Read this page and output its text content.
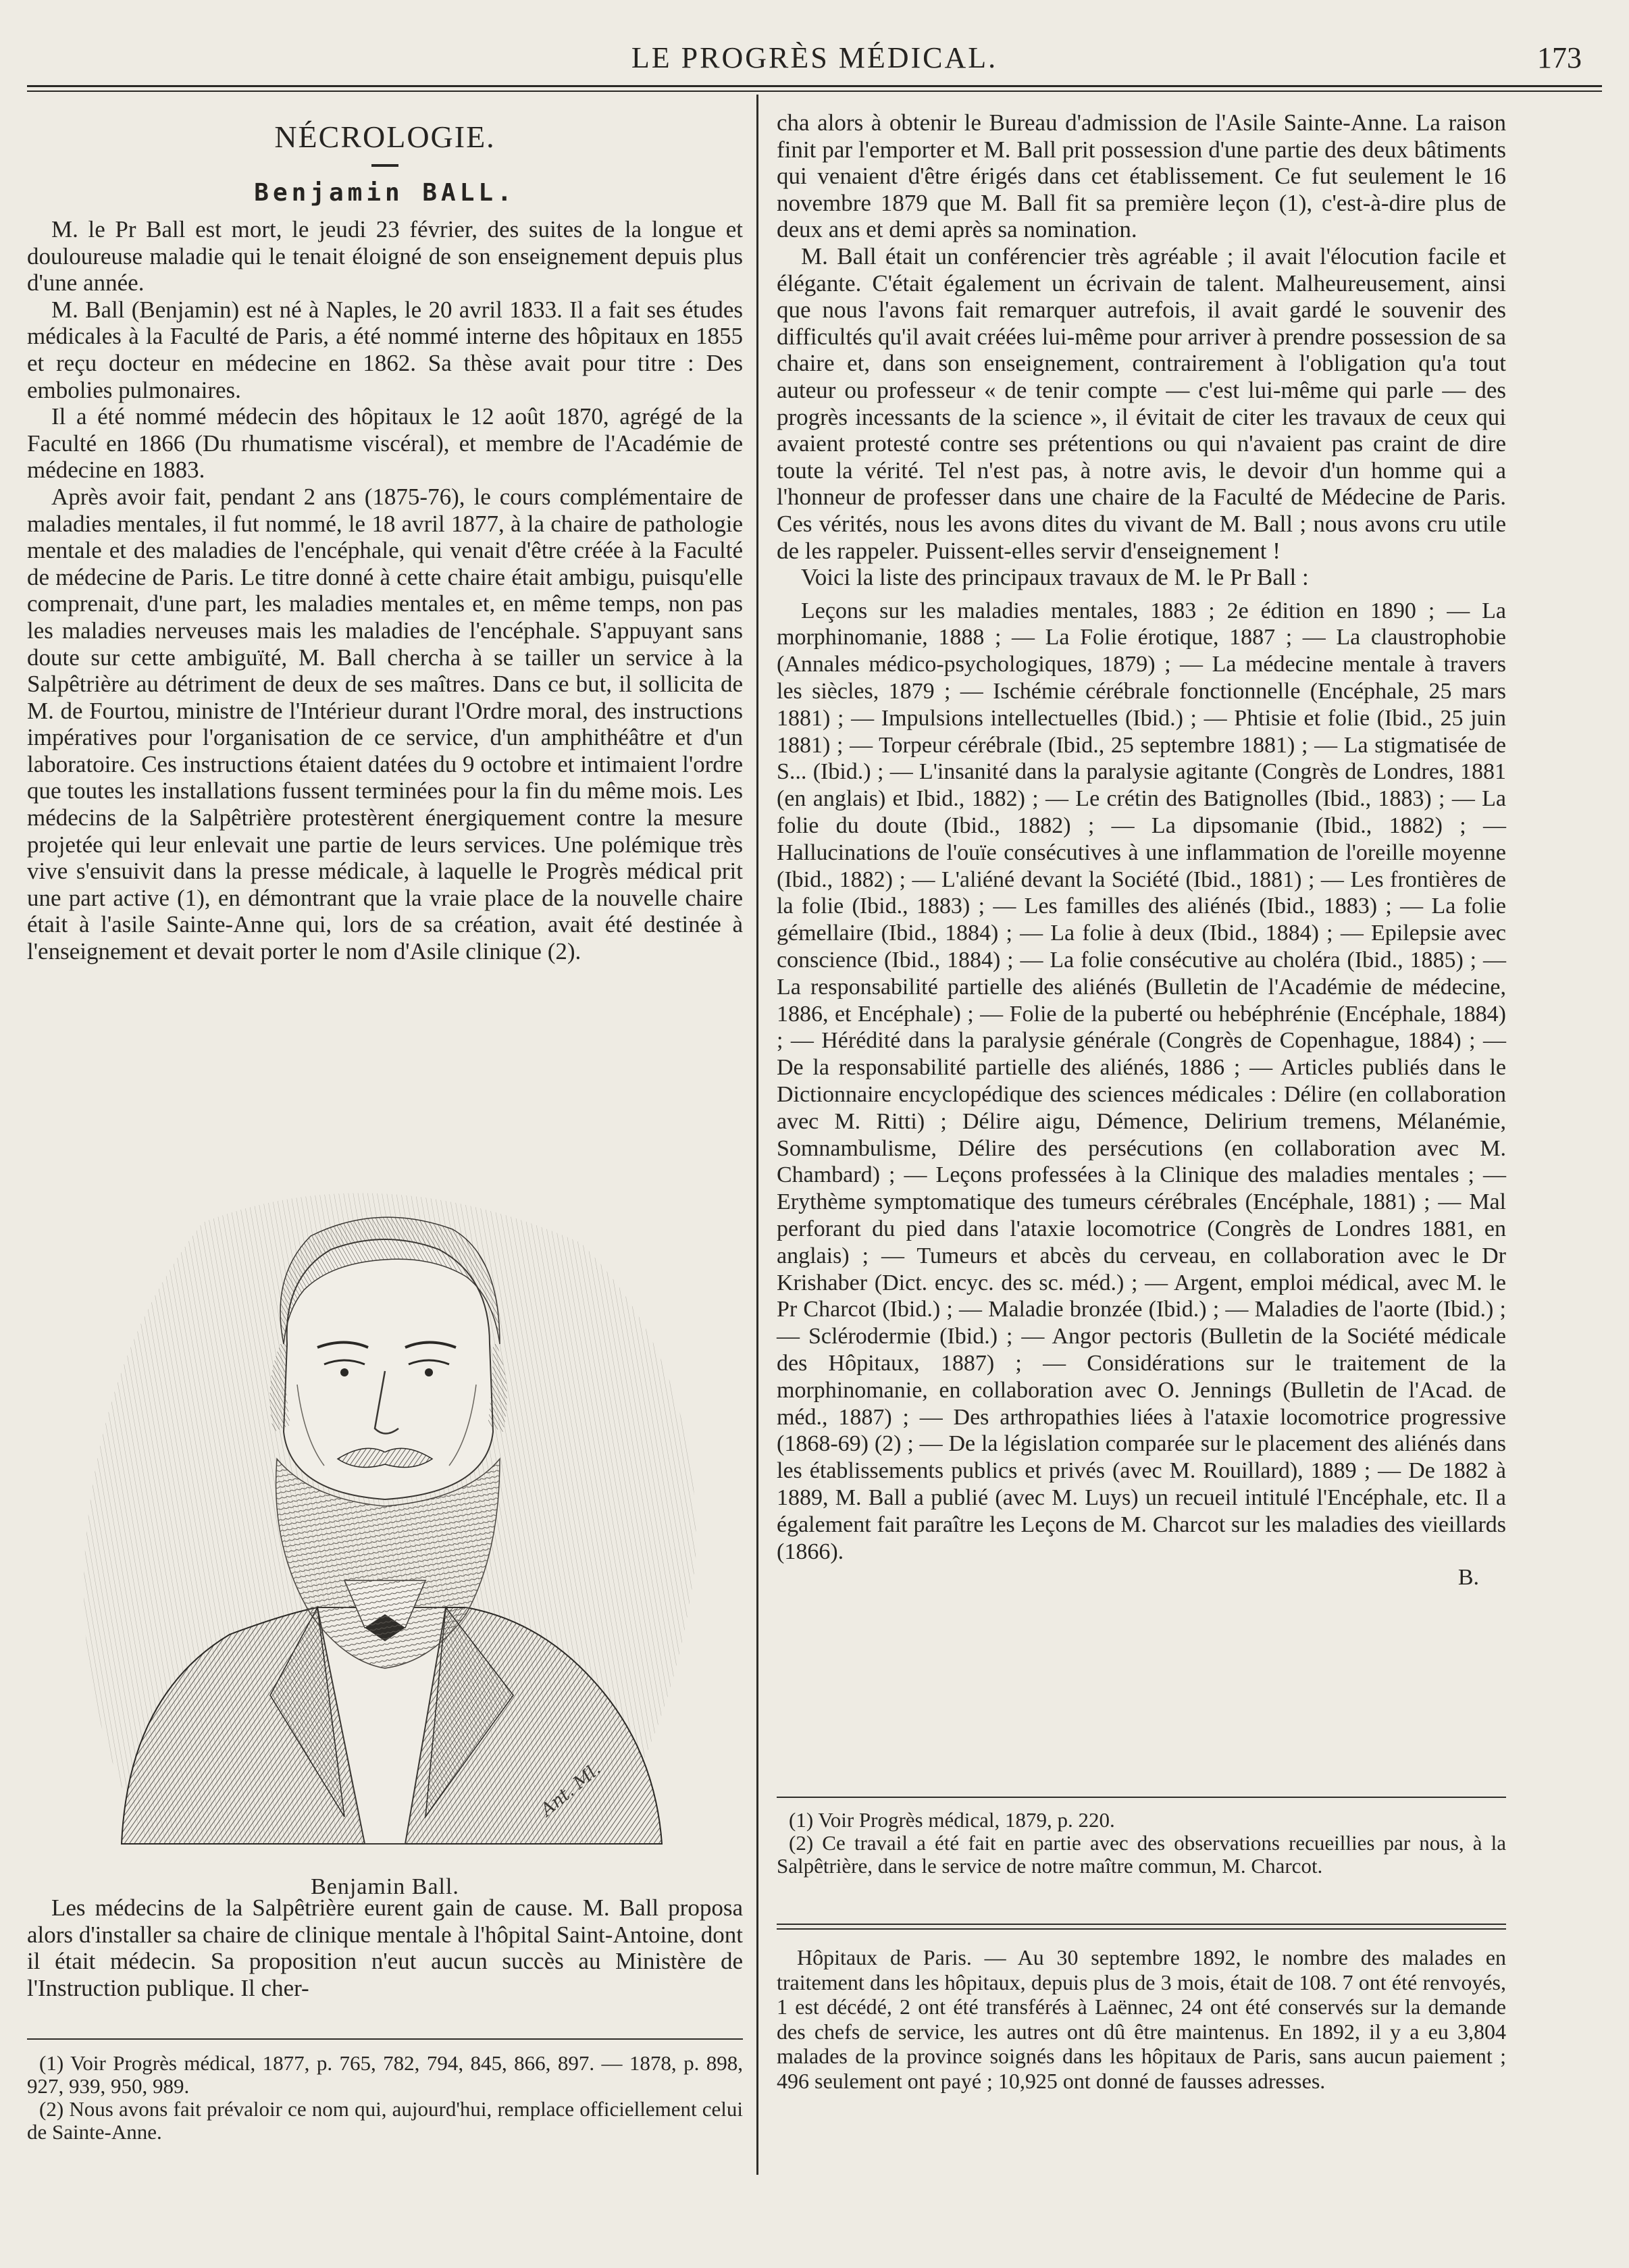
LE PROGRÈS MÉDICAL.	173
NÉCROLOGIE.
Benjamin BALL.

M. le Pr Ball est mort, le jeudi 23 février, des suites de la longue et douloureuse maladie qui le tenait éloigné de son enseignement depuis plus d'une année.

M. Ball (Benjamin) est né à Naples, le 20 avril 1833. Il a fait ses études médicales à la Faculté de Paris, a été nommé interne des hôpitaux en 1855 et reçu docteur en médecine en 1862. Sa thèse avait pour titre : Des embolies pulmonaires.

Il a été nommé médecin des hôpitaux le 12 août 1870, agrégé de la Faculté en 1866 (Du rhumatisme viscéral), et membre de l'Académie de médecine en 1883.

Après avoir fait, pendant 2 ans (1875-76), le cours complémentaire de maladies mentales, il fut nommé, le 18 avril 1877, à la chaire de pathologie mentale et des maladies de l'encéphale, qui venait d'être créée à la Faculté de médecine de Paris. Le titre donné à cette chaire était ambigu, puisqu'elle comprenait, d'une part, les maladies mentales et, en même temps, non pas les maladies nerveuses mais les maladies de l'encéphale. S'appuyant sans doute sur cette ambiguïté, M. Ball chercha à se tailler un service à la Salpêtrière au détriment de deux de ses maîtres. Dans ce but, il sollicita de M. de Fourtou, ministre de l'Intérieur durant l'Ordre moral, des instructions impératives pour l'organisation de ce service, d'un amphithéâtre et d'un laboratoire. Ces instructions étaient datées du 9 octobre et intimaient l'ordre que toutes les installations fussent terminées pour la fin du même mois. Les médecins de la Salpêtrière protestèrent énergiquement contre la mesure projetée qui leur enlevait une partie de leurs services. Une polémique très vive s'ensuivit dans la presse médicale, à laquelle le Progrès médical prit une part active (1), en démontrant que la vraie place de la nouvelle chaire était à l'asile Sainte-Anne qui, lors de sa création, avait été destinée à l'enseignement et devait porter le nom d'Asile clinique (2).

Ant. Ml.
Benjamin Ball.

Les médecins de la Salpêtrière eurent gain de cause. M. Ball proposa alors d'installer sa chaire de clinique mentale à l'hôpital Saint-Antoine, dont il était médecin. Sa proposition n'eut aucun succès au Ministère de l'Instruction publique. Il cher-

(1) Voir Progrès médical, 1877, p. 765, 782, 794, 845, 866, 897. — 1878, p. 898, 927, 939, 950, 989.

(2) Nous avons fait prévaloir ce nom qui, aujourd'hui, remplace officiellement celui de Sainte-Anne.

cha alors à obtenir le Bureau d'admission de l'Asile Sainte-Anne. La raison finit par l'emporter et M. Ball prit possession d'une partie des deux bâtiments qui venaient d'être érigés dans cet établissement. Ce fut seulement le 16 novembre 1879 que M. Ball fit sa première leçon (1), c'est-à-dire plus de deux ans et demi après sa nomination.

M. Ball était un conférencier très agréable ; il avait l'élocution facile et élégante. C'était également un écrivain de talent. Malheureusement, ainsi que nous l'avons fait remarquer autrefois, il avait gardé le souvenir des difficultés qu'il avait créées lui-même pour arriver à prendre possession de sa chaire et, dans son enseignement, contrairement à l'obligation qu'a tout auteur ou professeur « de tenir compte — c'est lui-même qui parle — des progrès incessants de la science », il évitait de citer les travaux de ceux qui avaient protesté contre ses prétentions ou qui n'avaient pas craint de dire toute la vérité. Tel n'est pas, à notre avis, le devoir d'un homme qui a l'honneur de professer dans une chaire de la Faculté de Médecine de Paris. Ces vérités, nous les avons dites du vivant de M. Ball ; nous avons cru utile de les rappeler. Puissent-elles servir d'enseignement !

Voici la liste des principaux travaux de M. le Pr Ball :

Leçons sur les maladies mentales, 1883 ; 2e édition en 1890 ; — La morphinomanie, 1888 ; — La Folie érotique, 1887 ; — La claustrophobie (Annales médico-psychologiques, 1879) ; — La médecine mentale à travers les siècles, 1879 ; — Ischémie cérébrale fonctionnelle (Encéphale, 25 mars 1881) ; — Impulsions intellectuelles (Ibid.) ; — Phtisie et folie (Ibid., 25 juin 1881) ; — Torpeur cérébrale (Ibid., 25 septembre 1881) ; — La stigmatisée de S... (Ibid.) ; — L'insanité dans la paralysie agitante (Congrès de Londres, 1881 (en anglais) et Ibid., 1882) ; — Le crétin des Batignolles (Ibid., 1883) ; — La folie du doute (Ibid., 1882) ; — La dipsomanie (Ibid., 1882) ; — Hallucinations de l'ouïe consécutives à une inflammation de l'oreille moyenne (Ibid., 1882) ; — L'aliéné devant la Société (Ibid., 1881) ; — Les frontières de la folie (Ibid., 1883) ; — Les familles des aliénés (Ibid., 1883) ; — La folie gémellaire (Ibid., 1884) ; — La folie à deux (Ibid., 1884) ; — Epilepsie avec conscience (Ibid., 1884) ; — La folie consécutive au choléra (Ibid., 1885) ; — La responsabilité partielle des aliénés (Bulletin de l'Académie de médecine, 1886, et Encéphale) ; — Folie de la puberté ou hebéphrénie (Encéphale, 1884) ; — Hérédité dans la paralysie générale (Congrès de Copenhague, 1884) ; — De la responsabilité partielle des aliénés, 1886 ; — Articles publiés dans le Dictionnaire encyclopédique des sciences médicales : Délire (en collaboration avec M. Ritti) ; Délire aigu, Démence, Delirium tremens, Mélanémie, Somnambulisme, Délire des persécutions (en collaboration avec M. Chambard) ; — Leçons professées à la Clinique des maladies mentales ; — Erythème symptomatique des tumeurs cérébrales (Encéphale, 1881) ; — Mal perforant du pied dans l'ataxie locomotrice (Congrès de Londres 1881, en anglais) ; — Tumeurs et abcès du cerveau, en collaboration avec le Dr Krishaber (Dict. encyc. des sc. méd.) ; — Argent, emploi médical, avec M. le Pr Charcot (Ibid.) ; — Maladie bronzée (Ibid.) ; — Maladies de l'aorte (Ibid.) ; — Sclérodermie (Ibid.) ; — Angor pectoris (Bulletin de la Société médicale des Hôpitaux, 1887) ; — Considérations sur le traitement de la morphinomanie, en collaboration avec O. Jennings (Bulletin de l'Acad. de méd., 1887) ; — Des arthropathies liées à l'ataxie locomotrice progressive (1868-69) (2) ; — De la législation comparée sur le placement des aliénés dans les établissements publics et privés (avec M. Rouillard), 1889 ; — De 1882 à 1889, M. Ball a publié (avec M. Luys) un recueil intitulé l'Encéphale, etc. Il a également fait paraître les Leçons de M. Charcot sur les maladies des vieillards (1866).

B.

(1) Voir Progrès médical, 1879, p. 220.

(2) Ce travail a été fait en partie avec des observations recueillies par nous, à la Salpêtrière, dans le service de notre maître commun, M. Charcot.

Hôpitaux de Paris. — Au 30 septembre 1892, le nombre des malades en traitement dans les hôpitaux, depuis plus de 3 mois, était de 108. 7 ont été renvoyés, 1 est décédé, 2 ont été transférés à Laënnec, 24 ont été conservés sur la demande des chefs de service, les autres ont dû être maintenus. En 1892, il y a eu 3,804 malades de la province soignés dans les hôpitaux de Paris, sans aucun paiement ; 496 seulement ont payé ; 10,925 ont donné de fausses adresses.
